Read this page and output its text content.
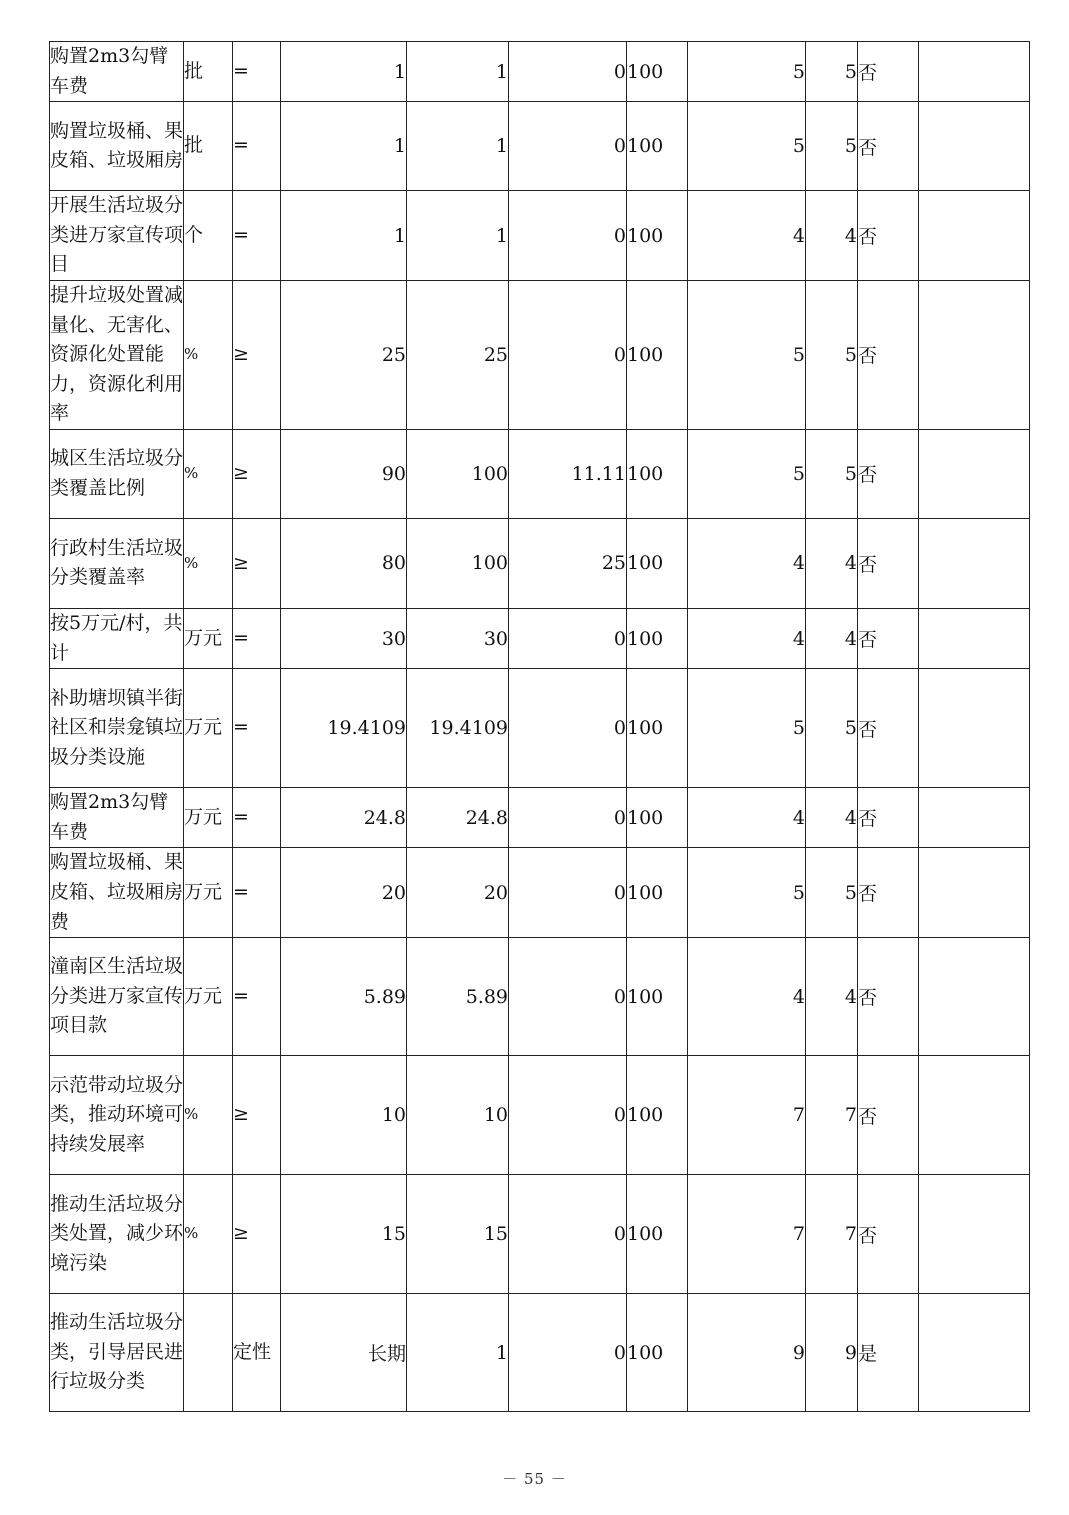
购置2m3勾臂车费	批	=	1	1	0	100	5	5	否	
购置垃圾桶、果皮箱、垃圾厢房	批	=	1	1	0	100	5	5	否	
开展生活垃圾分类进万家宣传项目	个	=	1	1	0	100	4	4	否	
提升垃圾处置减量化、无害化、资源化处置能力，资源化利用率	%	≥	25	25	0	100	5	5	否	
城区生活垃圾分类覆盖比例	%	≥	90	100	11.11	100	5	5	否	
行政村生活垃圾分类覆盖率	%	≥	80	100	25	100	4	4	否	
按5万元/村，共计	万元	=	30	30	0	100	4	4	否	
补助塘坝镇半街社区和崇龛镇垃圾分类设施	万元	=	19.4109	19.4109	0	100	5	5	否	
购置2m3勾臂车费	万元	=	24.8	24.8	0	100	4	4	否	
购置垃圾桶、果皮箱、垃圾厢房费	万元	=	20	20	0	100	5	5	否	
潼南区生活垃圾分类进万家宣传项目款	万元	=	5.89	5.89	0	100	4	4	否	
示范带动垃圾分类，推动环境可持续发展率	%	≥	10	10	0	100	7	7	否	
推动生活垃圾分类处置，减少环境污染	%	≥	15	15	0	100	7	7	否	
推动生活垃圾分类，引导居民进行垃圾分类		定性	长期	1	0	100	9	9	是	
－ 55 －
